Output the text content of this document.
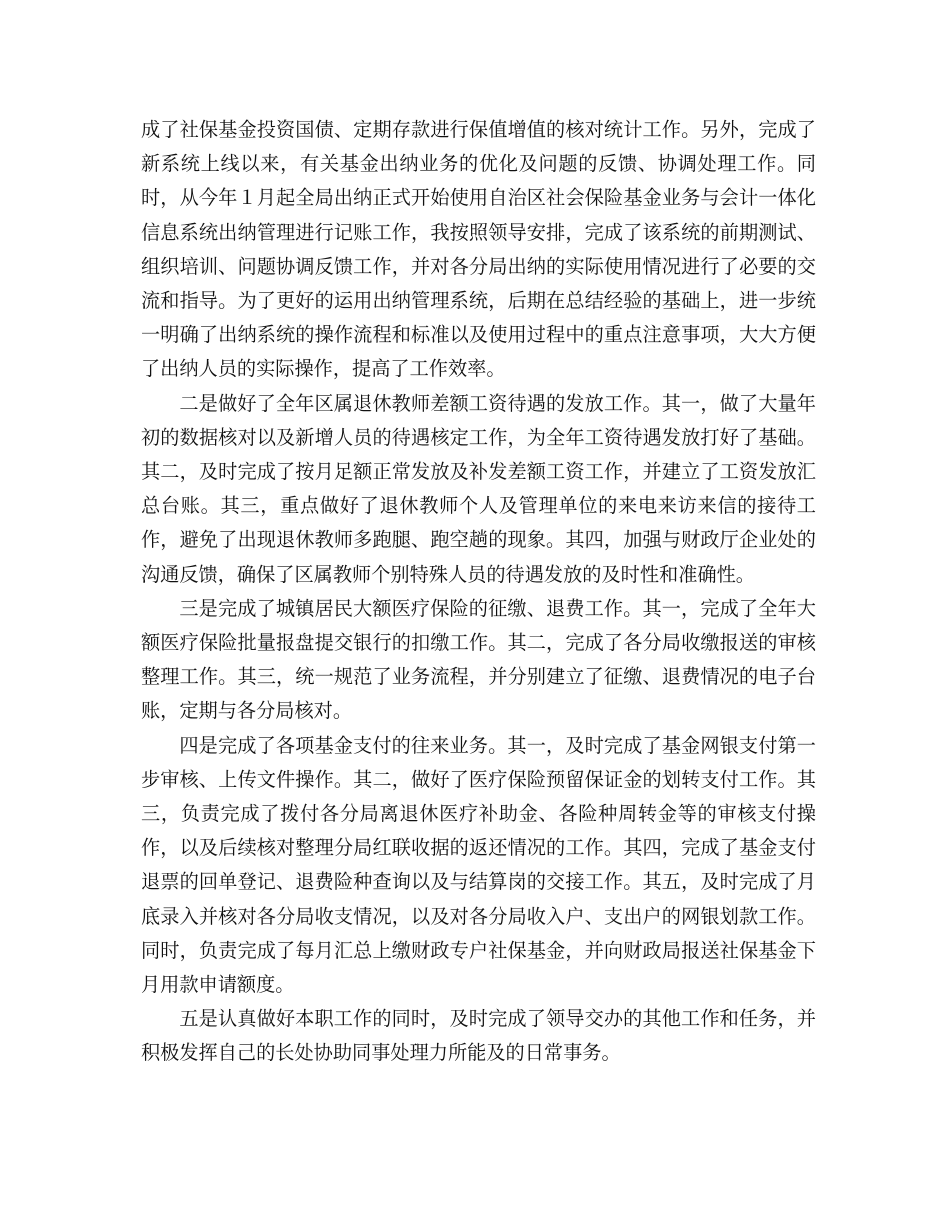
成了社保基金投资国债、定期存款进行保值增值的核对统计工作。另外，完成了新系统上线以来，有关基金出纳业务的优化及问题的反馈、协调处理工作。同时，从今年１月起全局出纳正式开始使用自治区社会保险基金业务与会计一体化信息系统出纳管理进行记账工作，我按照领导安排，完成了该系统的前期测试、组织培训、问题协调反馈工作，并对各分局出纳的实际使用情况进行了必要的交流和指导。为了更好的运用出纳管理系统，后期在总结经验的基础上，进一步统一明确了出纳系统的操作流程和标准以及使用过程中的重点注意事项，大大方便了出纳人员的实际操作，提高了工作效率。

二是做好了全年区属退休教师差额工资待遇的发放工作。其一，做了大量年初的数据核对以及新增人员的待遇核定工作，为全年工资待遇发放打好了基础。其二，及时完成了按月足额正常发放及补发差额工资工作，并建立了工资发放汇总台账。其三，重点做好了退休教师个人及管理单位的来电来访来信的接待工作，避免了出现退休教师多跑腿、跑空趟的现象。其四，加强与财政厅企业处的沟通反馈，确保了区属教师个别特殊人员的待遇发放的及时性和准确性。

三是完成了城镇居民大额医疗保险的征缴、退费工作。其一，完成了全年大额医疗保险批量报盘提交银行的扣缴工作。其二，完成了各分局收缴报送的审核整理工作。其三，统一规范了业务流程，并分别建立了征缴、退费情况的电子台账，定期与各分局核对。

四是完成了各项基金支付的往来业务。其一，及时完成了基金网银支付第一步审核、上传文件操作。其二，做好了医疗保险预留保证金的划转支付工作。其三，负责完成了拨付各分局离退休医疗补助金、各险种周转金等的审核支付操作，以及后续核对整理分局红联收据的返还情况的工作。其四，完成了基金支付退票的回单登记、退费险种查询以及与结算岗的交接工作。其五，及时完成了月底录入并核对各分局收支情况，以及对各分局收入户、支出户的网银划款工作。同时，负责完成了每月汇总上缴财政专户社保基金，并向财政局报送社保基金下月用款申请额度。

五是认真做好本职工作的同时，及时完成了领导交办的其他工作和任务，并积极发挥自己的长处协助同事处理力所能及的日常事务。
